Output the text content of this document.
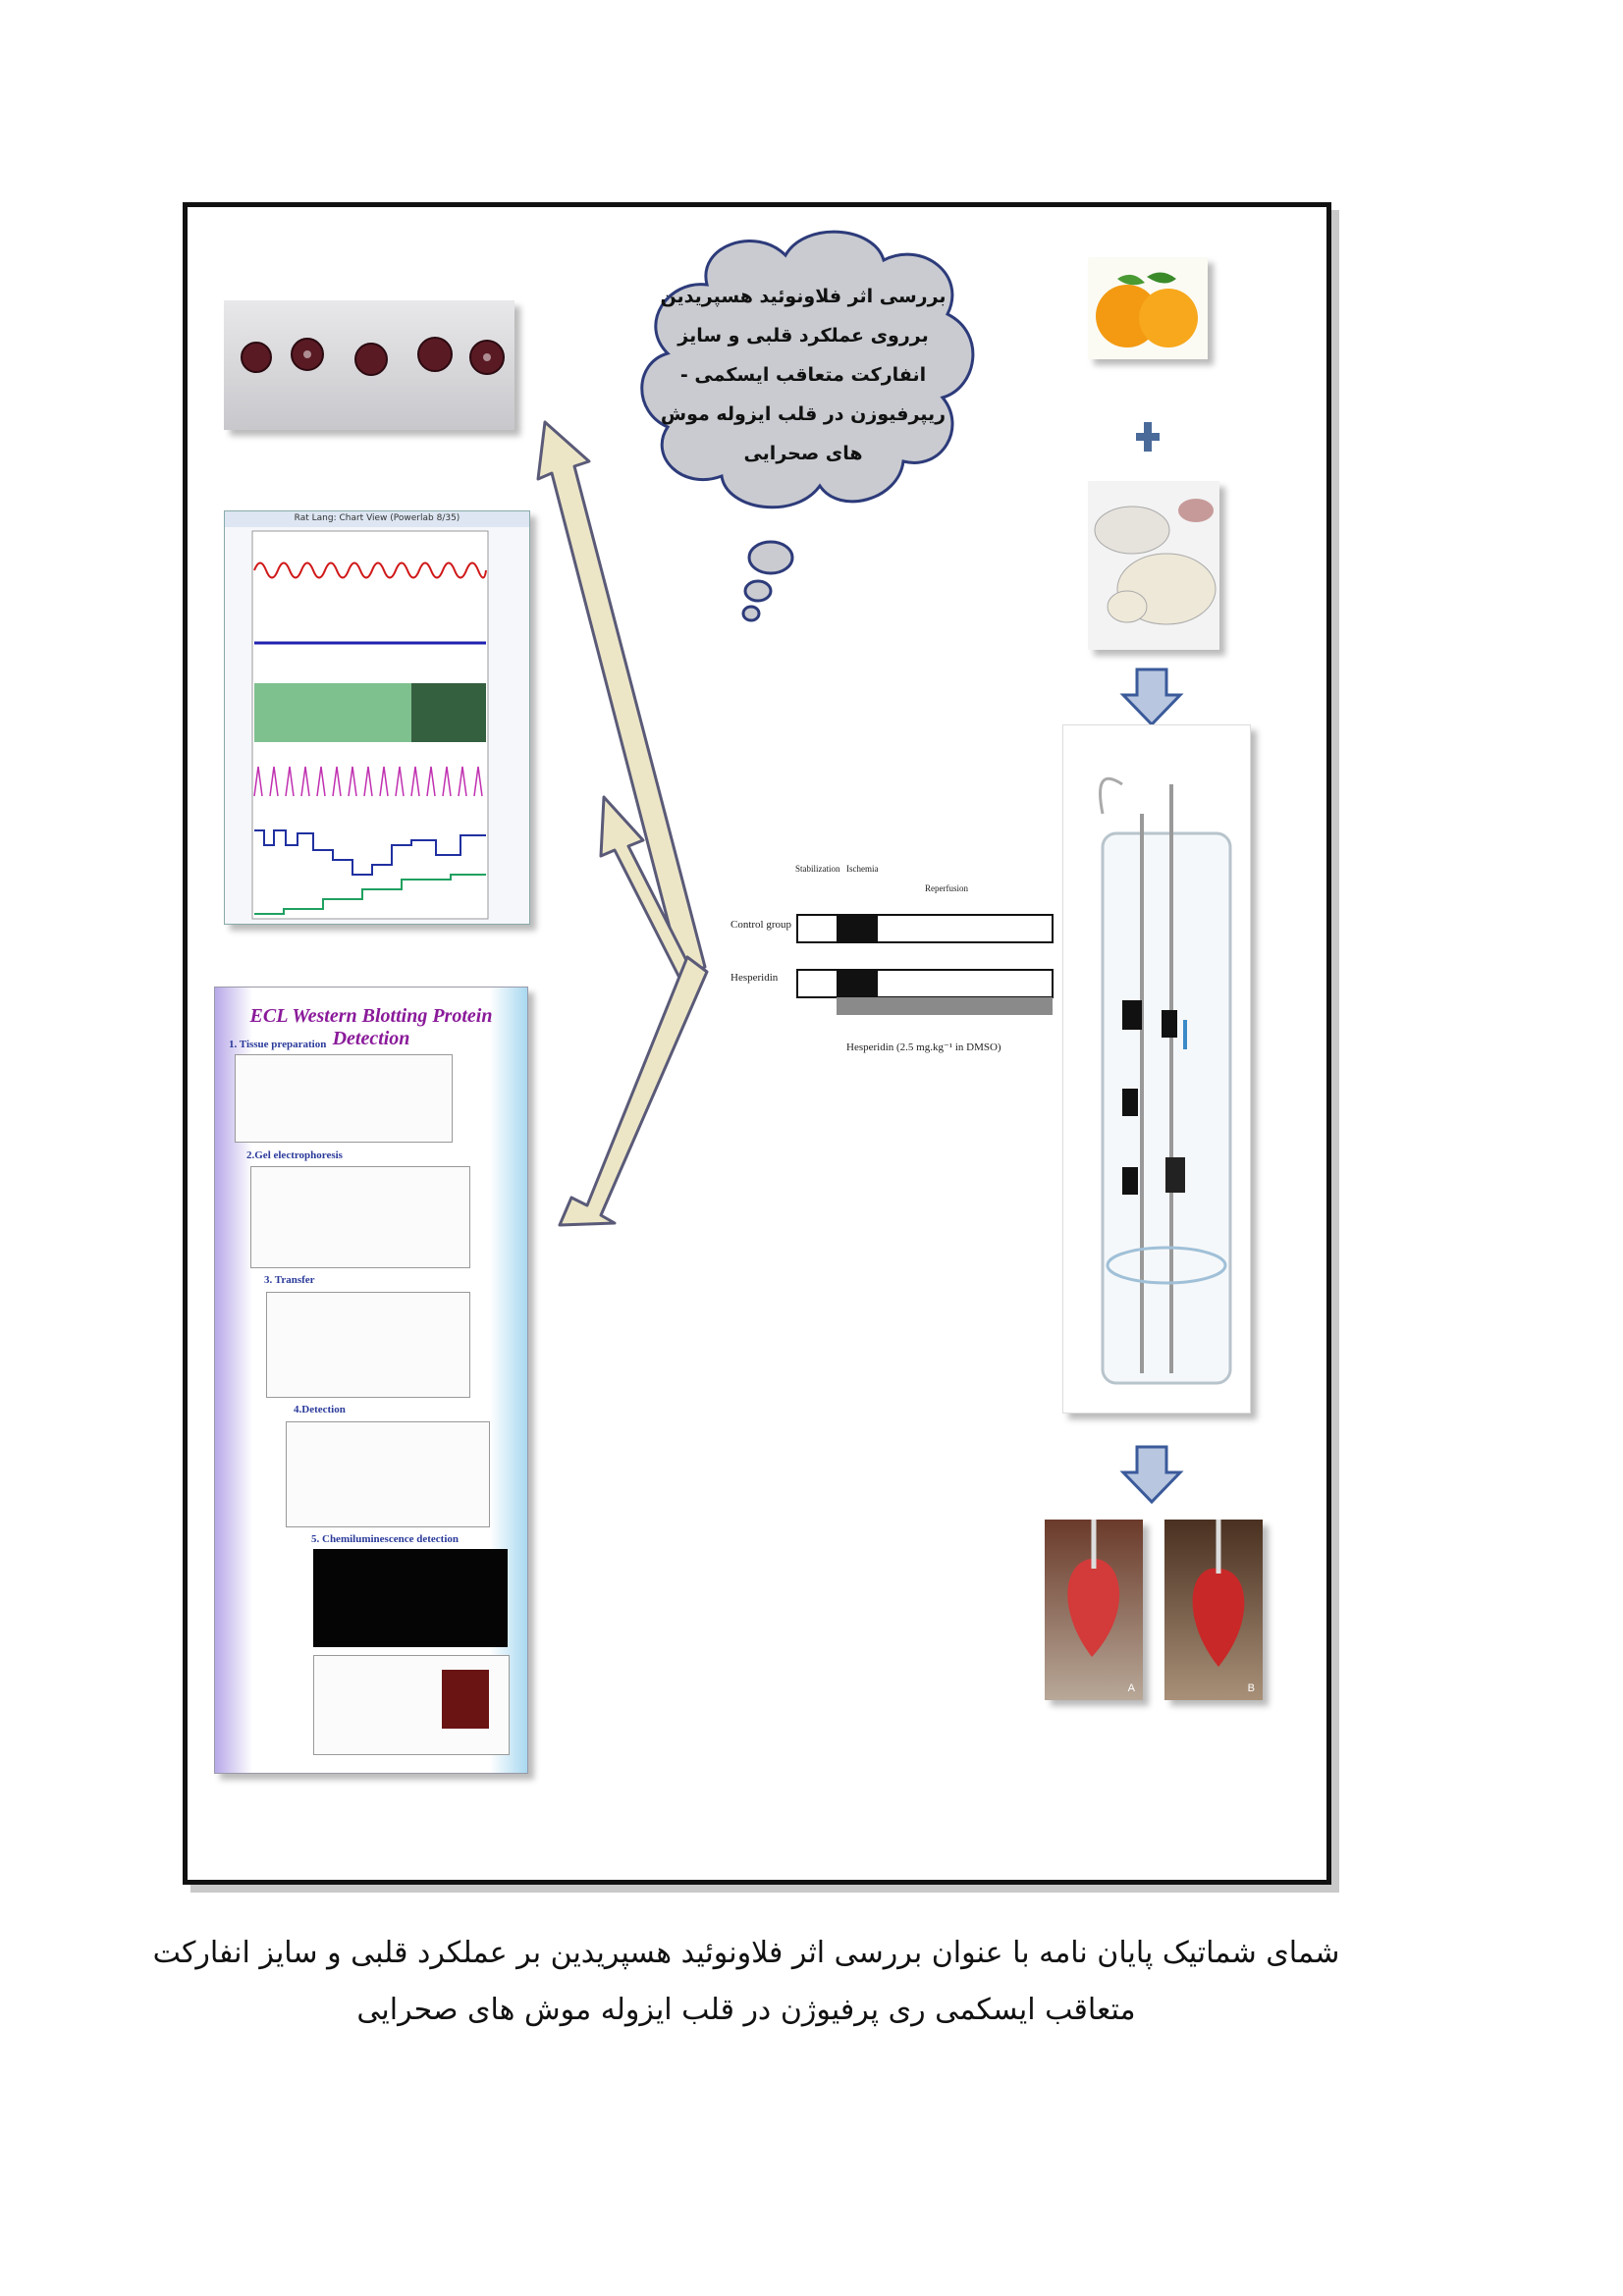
بررسی اثر فلاونوئید هسپریدین برروی عملکرد قلبی و سایز انفارکت متعاقب ایسکمی - ریپرفیوزن در قلب ایزوله موش های صحرایی
Rat Lang: Chart View (Powerlab 8/35)
ECL Western Blotting Protein Detection
1. Tissue preparation
2.Gel electrophoresis
3. Transfer
4.Detection
5. Chemiluminescence detection
Stabilization Ischemia
Reperfusion
Control group
Hesperidin
Hesperidin (2.5 mg.kg⁻¹ in DMSO)
A	B
شمای شماتیک پایان نامه با عنوان بررسی اثر فلاونوئید هسپریدین بر عملکرد قلبی و سایز انفارکت
متعاقب ایسکمی ری پرفیوژن در قلب ایزوله موش های صحرایی
